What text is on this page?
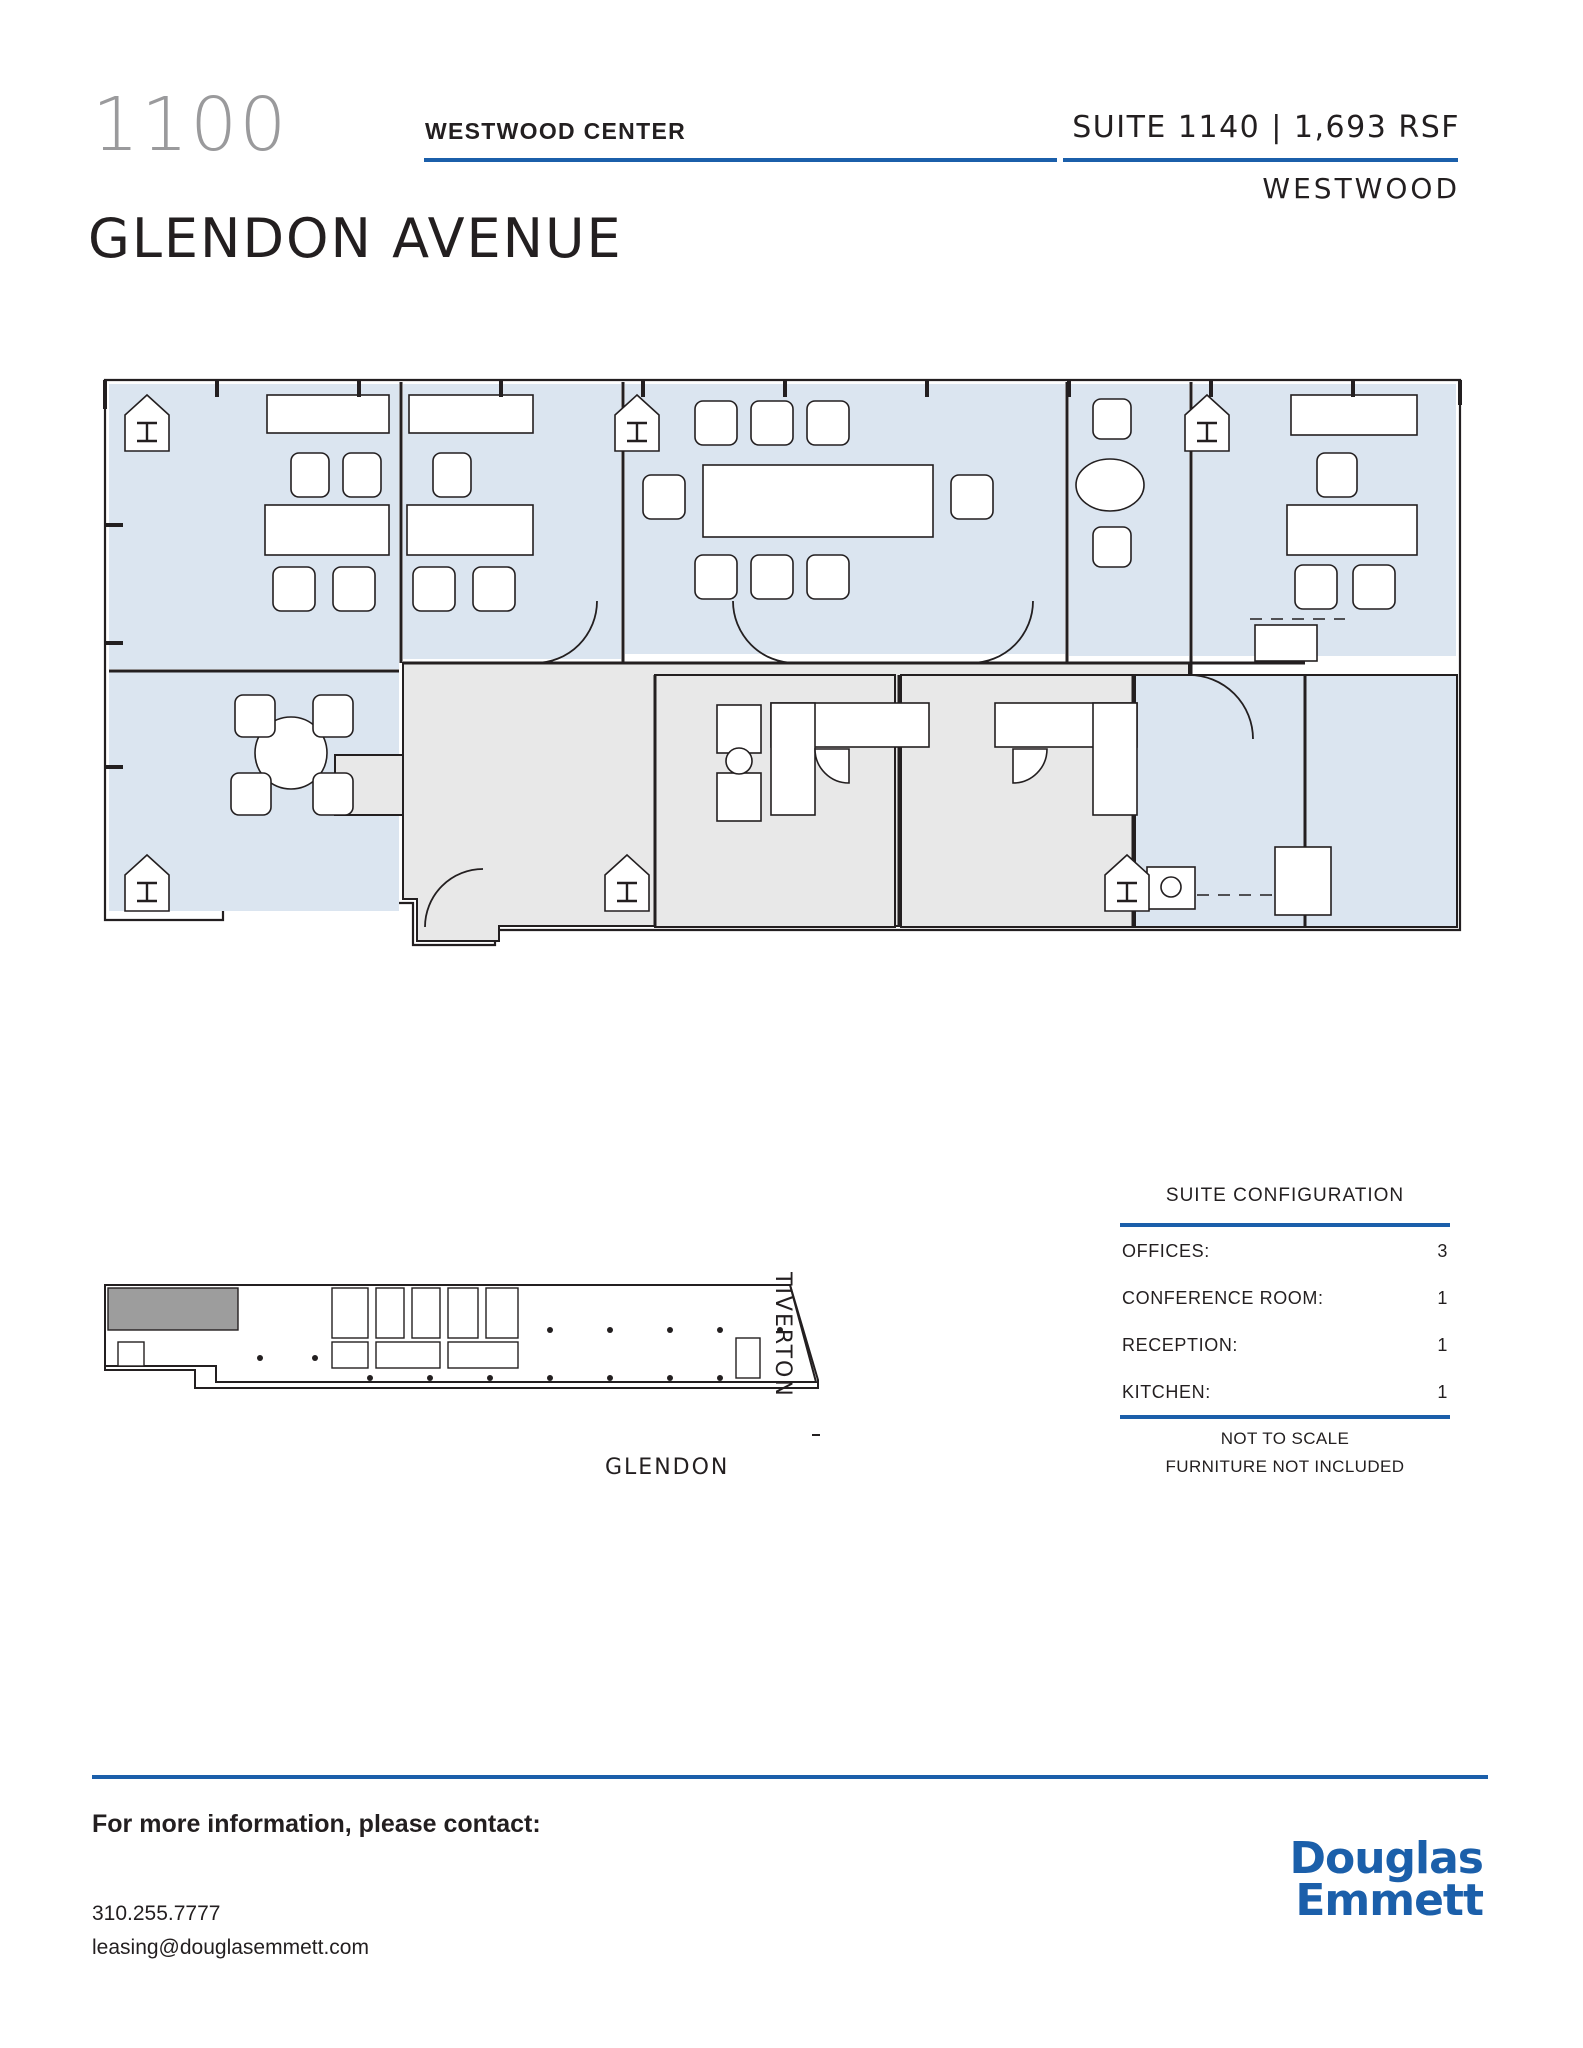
1100
GLENDON AVENUE
WESTWOOD CENTER	SUITE 1140 | 1,693 RSF
WESTWOOD
TIVERTON
GLENDON
SUITE CONFIGURATION
OFFICES:	3
CONFERENCE ROOM:	1
RECEPTION:	1
KITCHEN:	1
NOT TO SCALE
FURNITURE NOT INCLUDED
For more information, please contact:
310.255.7777
leasing@douglasemmett.com
Douglas
Emmett
